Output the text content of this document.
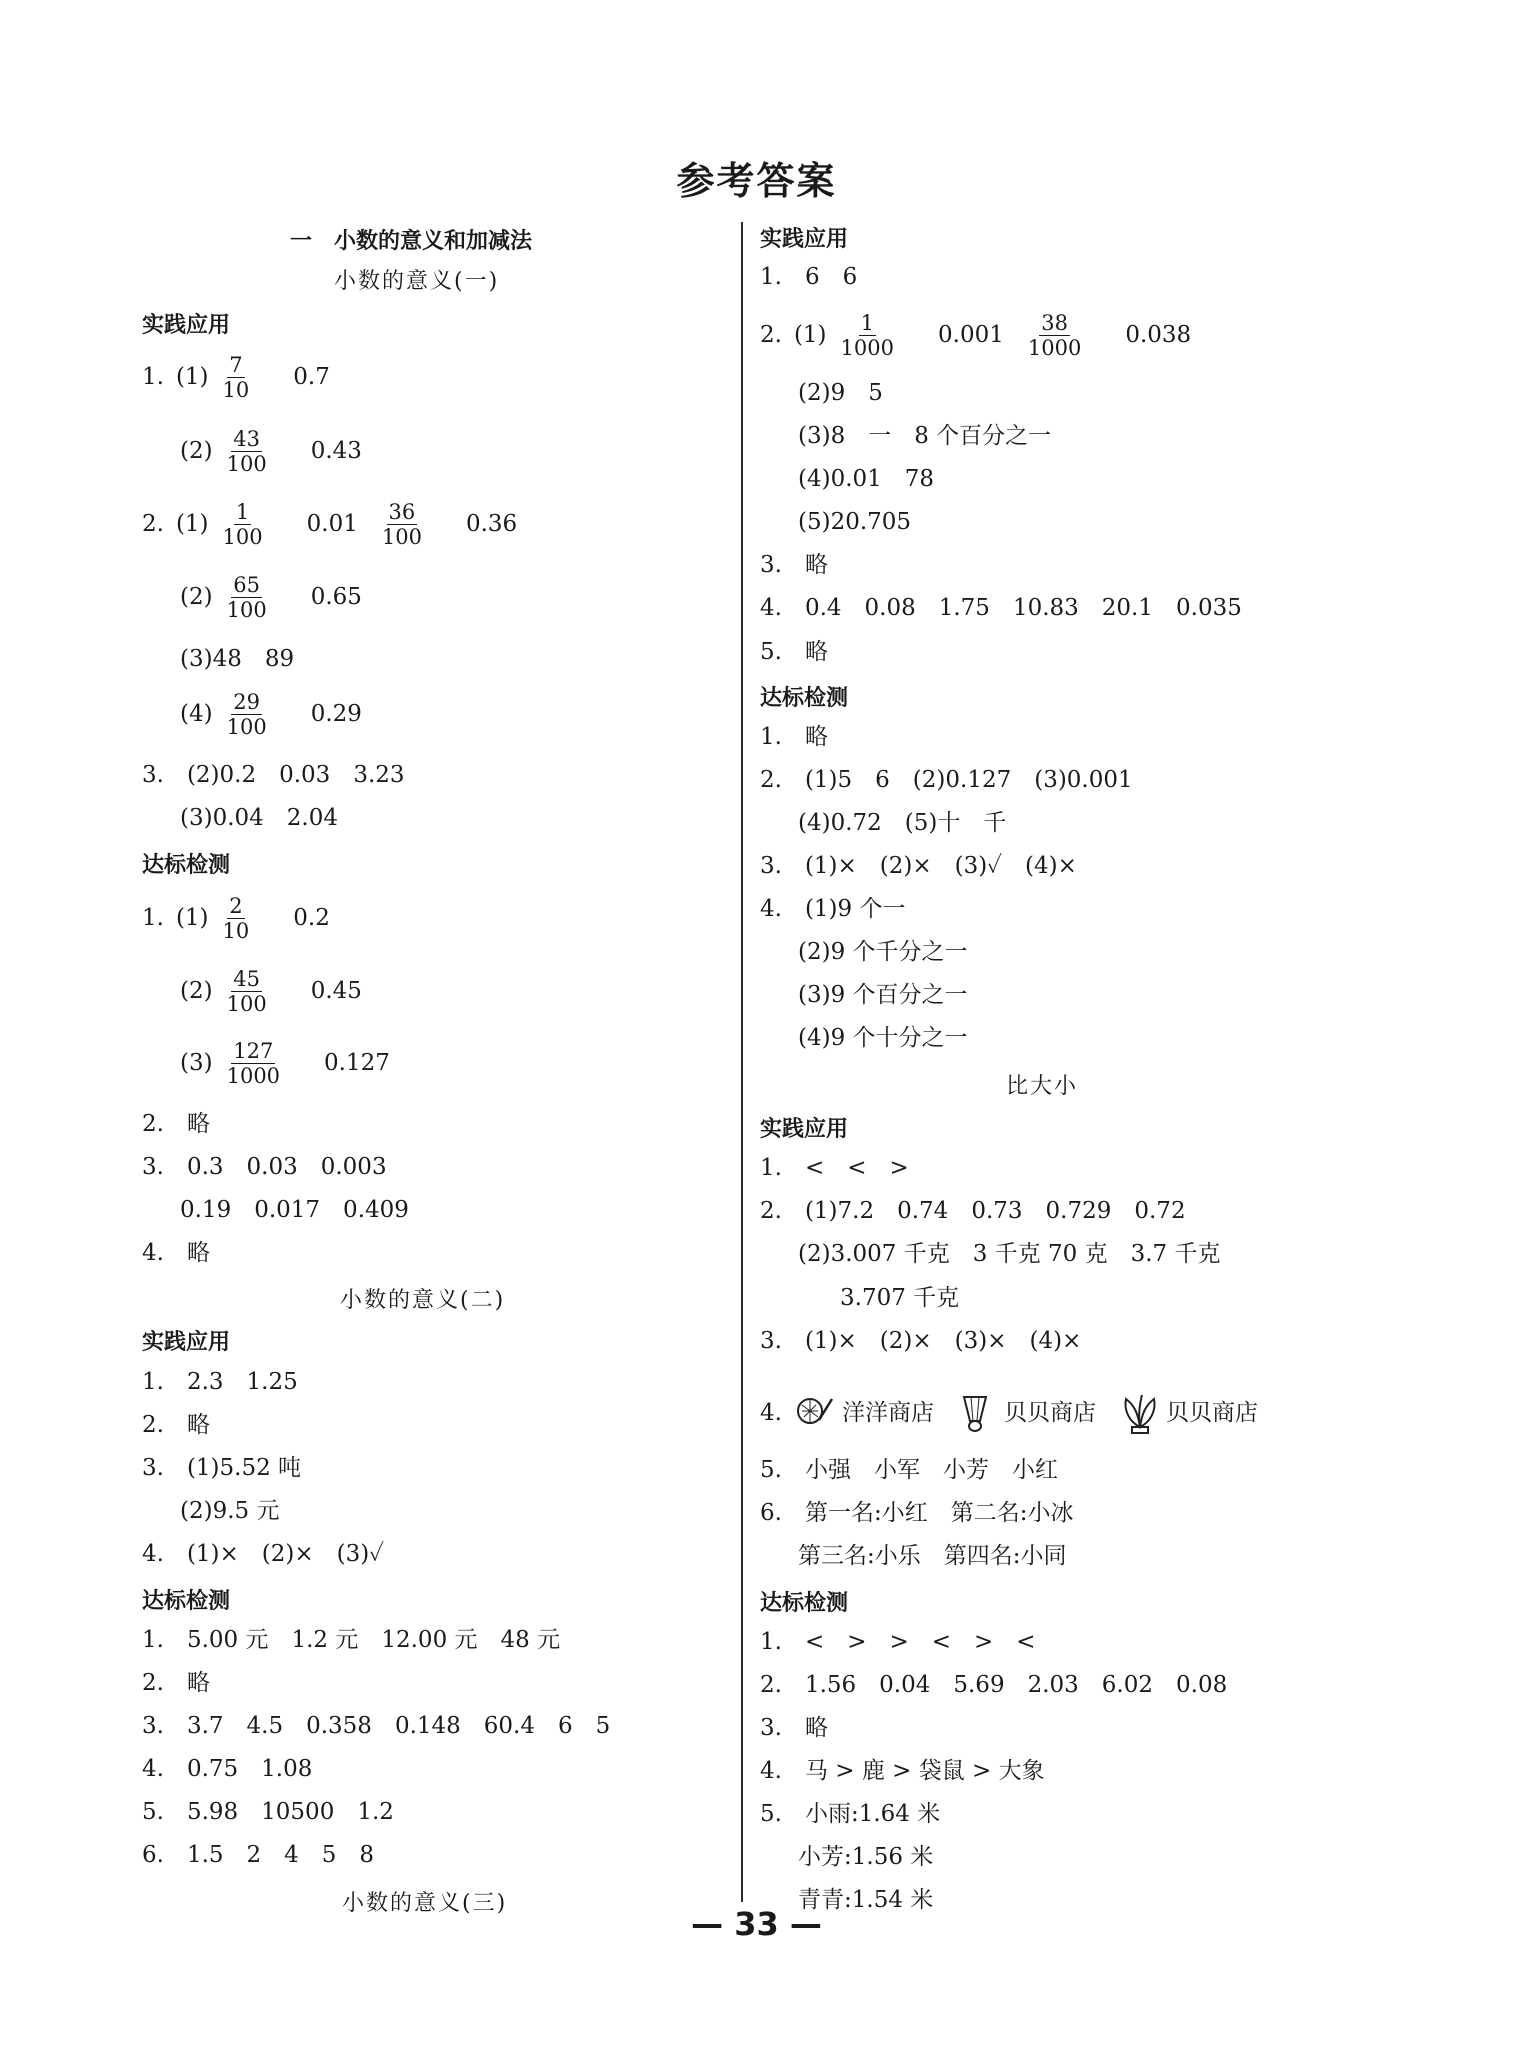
参考答案
一　小数的意义和加减法
小数的意义(一)
实践应用
1. $(1) \frac{7}{10} 0.7$
$(2) \frac{43}{100} 0.43$
2. $(1) \frac{1}{100} 0.01 \frac{36}{100} 0.36$
$(2) \frac{65}{100} 0.65$
(3)48　89
$(4) \frac{29}{100} 0.29$
3.　(2)0.2　0.03　3.23
(3)0.04　2.04
达标检测
1. $(1) \frac{2}{10} 0.2$
$(2) \frac{45}{100} 0.45$
$(3) \frac{127}{1000} 0.127$
2.　略
3.　0.3　0.03　0.003
0.19　0.017　0.409
4.　略
小数的意义(二)
实践应用
1.　2.3　1.25
2.　略
3.　(1)5.52 吨
(2)9.5 元
4.　(1)×　(2)×　(3)✓
达标检测
1.　5.00 元　1.2 元　12.00 元　48 元
2.　略
3.　3.7　4.5　0.358　0.148　60.4　6　5
4.　0.75　1.08
5.　5.98　10500　1.2
6.　1.5　2　4　5　8
小数的意义(三)
实践应用
1.　6　6
2. $(1) \frac{1}{1000} 0.001 \frac{38}{1000} 0.038$
(2)9　5
(3)8　一　8 个百分之一
(4)0.01　78
(5)20.705
3.　略
4.　0.4　0.08　1.75　10.83　20.1　0.035
5.　略
达标检测
1.　略
2.　(1)5　6　(2)0.127　(3)0.001
(4)0.72　(5)十　千
3.　(1)×　(2)×　(3)✓　(4)×
4.　(1)9 个一
(2)9 个千分之一
(3)9 个百分之一
(4)9 个十分之一
比大小
实践应用
1.　<　<　>
2.　(1)7.2　0.74　0.73　0.729　0.72
(2)3.007 千克　3 千克 70 克　3.7 千克
3.707 千克
3.　(1)×　(2)×　(3)×　(4)×
4.	洋洋商店	贝贝商店	贝贝商店
5.　小强　小军　小芳　小红
6.　第一名:小红　第二名:小冰
第三名:小乐　第四名:小同
达标检测
1.　<　>　>　<　>　<
2.　1.56　0.04　5.69　2.03　6.02　0.08
3.　略
4.　马 > 鹿 > 袋鼠 > 大象
5.　小雨:1.64 米
小芳:1.56 米
青青:1.54 米
— 33 —
